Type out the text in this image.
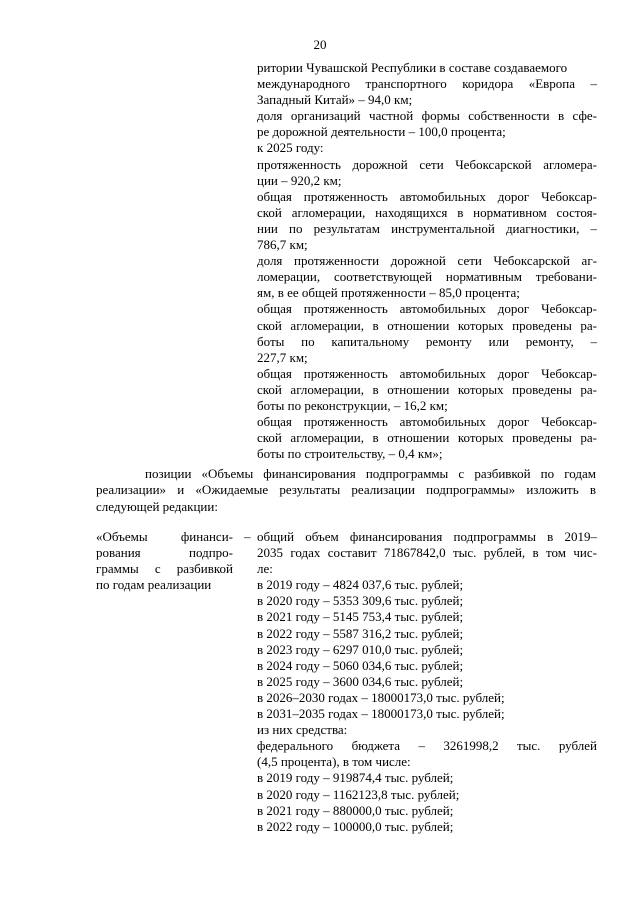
20
ритории Чувашской Республики в составе создаваемого
международного транспортного коридора «Европа –
Западный Китай» – 94,0 км;
доля организаций частной формы собственности в сфе-
ре дорожной деятельности – 100,0 процента;
к 2025 году:
протяженность дорожной сети Чебоксарской агломера-
ции – 920,2 км;
общая протяженность автомобильных дорог Чебоксар-
ской агломерации, находящихся в нормативном состоя-
нии по результатам инструментальной диагностики, –
786,7 км;
доля протяженности дорожной сети Чебоксарской аг-
ломерации, соответствующей нормативным требовани-
ям, в ее общей протяженности – 85,0 процента;
общая протяженность автомобильных дорог Чебоксар-
ской агломерации, в отношении которых проведены ра-
боты по капитальному ремонту или ремонту, –
227,7 км;
общая протяженность автомобильных дорог Чебоксар-
ской агломерации, в отношении которых проведены ра-
боты по реконструкции, – 16,2 км;
общая протяженность автомобильных дорог Чебоксар-
ской агломерации, в отношении которых проведены ра-
боты по строительству, – 0,4 км»;
позиции «Объемы финансирования подпрограммы с разбивкой по годам
реализации» и «Ожидаемые результаты реализации подпрограммы» изложить в
следующей редакции:
«Объемы финанси-
рования подпро-
граммы с разбивкой
по годам реализации
– общий объем финансирования подпрограммы в 2019–
2035 годах составит 71867842,0 тыс. рублей, в том чис-
ле:
в 2019 году – 4824 037,6 тыс. рублей;
в 2020 году – 5353 309,6 тыс. рублей;
в 2021 году – 5145 753,4 тыс. рублей;
в 2022 году – 5587 316,2 тыс. рублей;
в 2023 году – 6297 010,0 тыс. рублей;
в 2024 году – 5060 034,6 тыс. рублей;
в 2025 году – 3600 034,6 тыс. рублей;
в 2026–2030 годах – 18000173,0 тыс. рублей;
в 2031–2035 годах – 18000173,0 тыс. рублей;
из них средства:
федерального бюджета – 3261998,2 тыс. рублей
(4,5 процента), в том числе:
в 2019 году – 919874,4 тыс. рублей;
в 2020 году – 1162123,8 тыс. рублей;
в 2021 году – 880000,0 тыс. рублей;
в 2022 году – 100000,0 тыс. рублей;
